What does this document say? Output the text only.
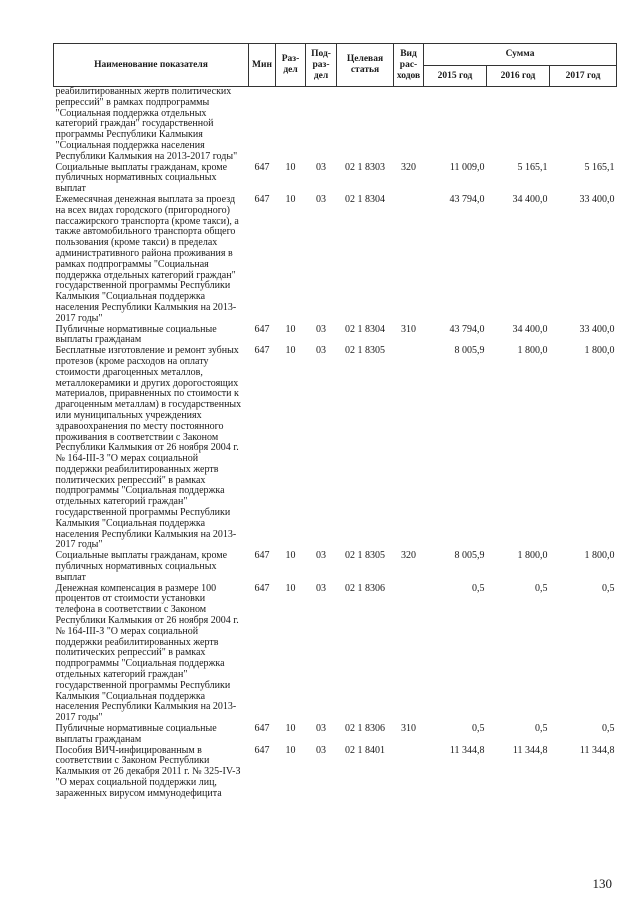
Наименование показателя	Мин	Раз-
дел	Под-
раз-
дел	Целевая
статья	Вид
рас-
ходов	Сумма		
						2015 год	2016 год	2017 год
реабилитированных жертв политических репрессий" в рамках подпрограммы "Социальная поддержка отдельных категорий граждан" государственной программы Республики Калмыкия "Социальная поддержка населения Республики Калмыкия на 2013-2017 годы"								
Социальные выплаты гражданам, кроме публичных нормативных социальных выплат	647	10	03	02 1 8303	320	11 009,0	5 165,1	5 165,1
Ежемесячная денежная выплата за проезд на всех видах городского (пригородного) пассажирского транспорта (кроме такси), а также автомобильного транспорта общего пользования (кроме такси) в пределах административного района проживания в рамках подпрограммы "Социальная поддержка отдельных категорий граждан" государственной программы Республики Калмыкия "Социальная поддержка населения Республики Калмыкия на 2013-2017 годы"	647	10	03	02 1 8304		43 794,0	34 400,0	33 400,0
Публичные нормативные социальные выплаты гражданам	647	10	03	02 1 8304	310	43 794,0	34 400,0	33 400,0
Бесплатные изготовление и ремонт зубных протезов (кроме расходов на оплату стоимости драгоценных металлов, металлокерамики и других дорогостоящих материалов, приравненных по стоимости к драгоценным металлам) в государственных или муниципальных учреждениях здравоохранения по месту постоянного проживания в соответствии с Законом Республики Калмыкия от 26 ноября 2004 г. № 164-III-З "О мерах социальной поддержки реабилитированных жертв политических репрессий" в рамках подпрограммы "Социальная поддержка отдельных категорий граждан" государственной программы Республики Калмыкия "Социальная поддержка населения Республики Калмыкия на 2013-2017 годы"	647	10	03	02 1 8305		8 005,9	1 800,0	1 800,0
Социальные выплаты гражданам, кроме публичных нормативных социальных выплат	647	10	03	02 1 8305	320	8 005,9	1 800,0	1 800,0
Денежная компенсация в размере 100 процентов от стоимости установки телефона в соответствии с Законом Республики Калмыкия от 26 ноября 2004 г. № 164-III-З "О мерах социальной поддержки реабилитированных жертв политических репрессий" в рамках подпрограммы "Социальная поддержка отдельных категорий граждан" государственной программы Республики Калмыкия "Социальная поддержка населения Республики Калмыкия на 2013-2017 годы"	647	10	03	02 1 8306		0,5	0,5	0,5
Публичные нормативные социальные выплаты гражданам	647	10	03	02 1 8306	310	0,5	0,5	0,5
Пособия ВИЧ-инфицированным в соответствии с Законом Республики Калмыкия от 26 декабря 2011 г. № 325-IV-З "О мерах социальной поддержки лиц, зараженных вирусом иммунодефицита	647	10	03	02 1 8401		11 344,8	11 344,8	11 344,8
130
